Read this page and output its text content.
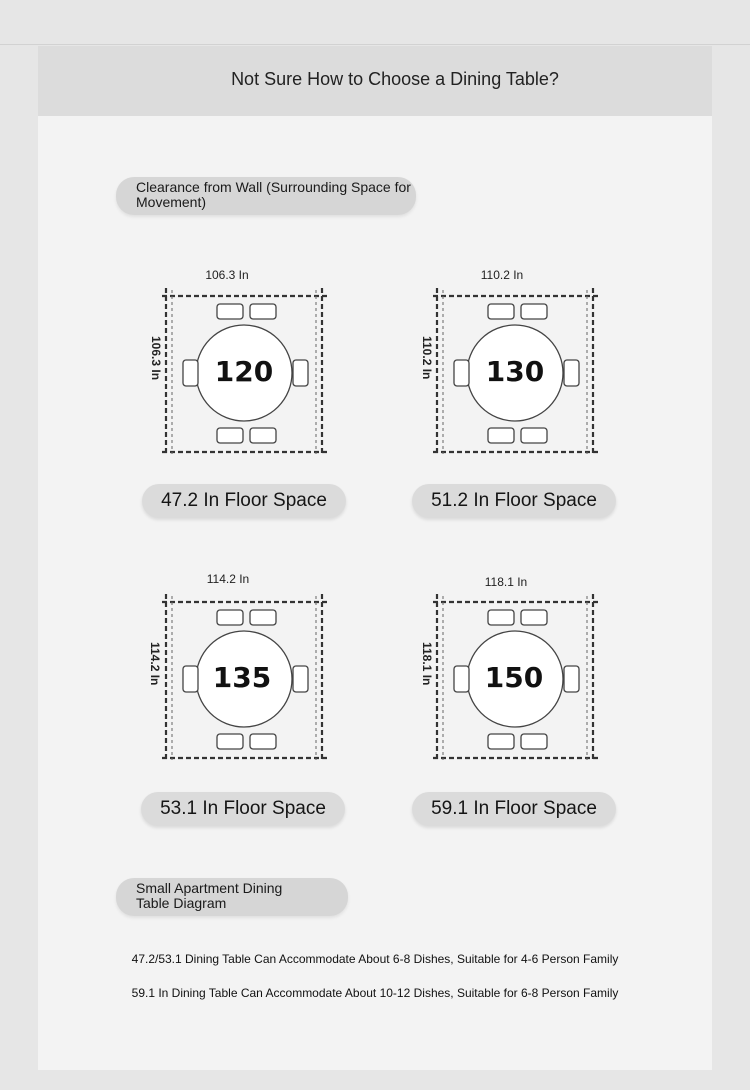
Not Sure How to Choose a Dining Table?
Clearance from Wall (Surrounding Space for
Movement)
106.3 In
106.3 In	120
47.2 In Floor Space
110.2 In
110.2 In	130
51.2 In Floor Space
114.2 In
114.2 In	135
53.1 In Floor Space
118.1 In
118.1 In	150
59.1 In Floor Space
Small Apartment Dining
Table Diagram
47.2/53.1 Dining Table Can Accommodate About 6-8 Dishes, Suitable for 4-6 Person Family
59.1 In Dining Table Can Accommodate About 10-12 Dishes, Suitable for 6-8 Person Family
